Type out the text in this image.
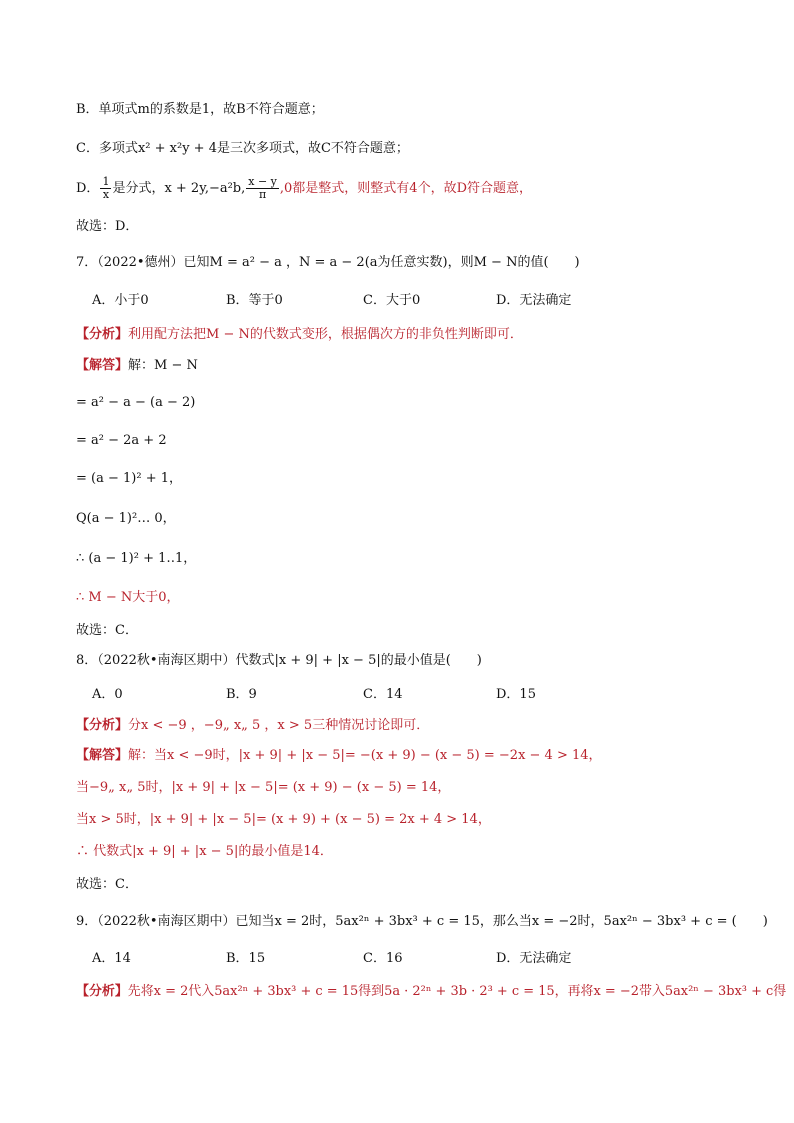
B．单项式m的系数是1，故B不符合题意；
C．多项式x² + x²y + 4是三次多项式，故C不符合题意；
D． $\frac{1}{x}$ 是分式，x + 2y,−a²b, $\frac{x - y}{\pi} ,0$都是整式，则整式有4个，故D符合题意，
故选：D．
7．（2022•德州）已知M = a² − a ，N = a − 2(a为任意实数)，则M − N的值(　　)
A．小于0	B．等于0	C．大于0	D．无法确定
【分析】利用配方法把M − N的代数式变形，根据偶次方的非负性判断即可．
【解答】解：M − N
= a² − a − (a − 2)
= a² − 2a + 2
= (a − 1)² + 1，
Q(a − 1)²… 0，
∴ (a − 1)² + 1‥1，
∴ M − N大于0，
故选：C．
8．（2022秋•南海区期中）代数式|x + 9| + |x − 5|的最小值是(　　)
A．0	B．9	C．14	D．15
【分析】分x < −9 ，−9„ x„ 5 ，x > 5三种情况讨论即可．
【解答】解：当x < −9时，|x + 9| + |x − 5|= −(x + 9) − (x − 5) = −2x − 4 > 14，
当−9„ x„ 5时，|x + 9| + |x − 5|= (x + 9) − (x − 5) = 14，
当x > 5时，|x + 9| + |x − 5|= (x + 9) + (x − 5) = 2x + 4 > 14，
∴ 代数式|x + 9| + |x − 5|的最小值是14．
故选：C．
9．（2022秋•南海区期中）已知当x = 2时，5ax²ⁿ + 3bx³ + c = 15，那么当x = −2时，5ax²ⁿ − 3bx³ + c = (　　)
A．14	B．15	C．16	D．无法确定
【分析】先将x = 2代入5ax²ⁿ + 3bx³ + c = 15得到5a · 2²ⁿ + 3b · 2³ + c = 15，再将x = −2带入5ax²ⁿ − 3bx³ + c得
